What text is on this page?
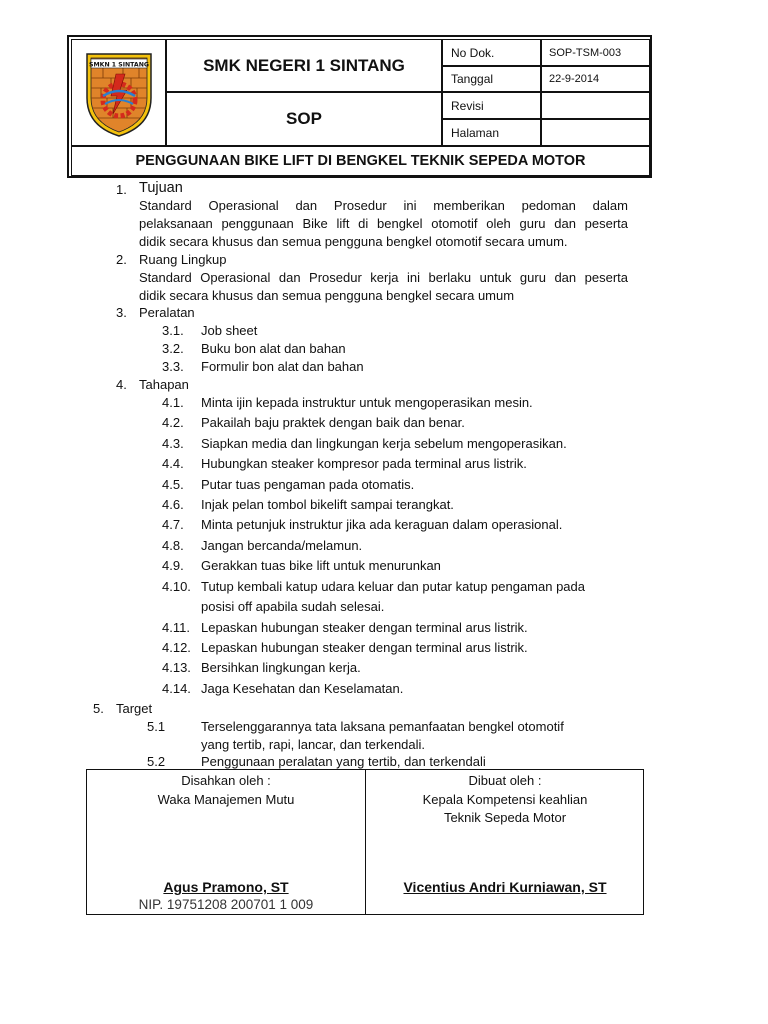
SMKN 1 SINTANG	SMK NEGERI 1 SINTANG
SOP
No Dok.	SOP-TSM-003
Tanggal	22-9-2014
Revisi
Halaman
PENGGUNAAN BIKE LIFT DI BENGKEL TEKNIK SEPEDA MOTOR
1. Tujuan
Standard Operasional dan Prosedur ini memberikan pedoman dalam
pelaksanaan penggunaan Bike lift di bengkel otomotif oleh guru dan peserta
didik secara khusus dan semua pengguna bengkel otomotif secara umum.
2. Ruang Lingkup
Standard Operasional dan Prosedur kerja ini berlaku untuk guru dan peserta
didik secara khusus dan semua pengguna bengkel secara umum
3. Peralatan
3.1. Job sheet
3.2. Buku bon alat dan bahan
3.3. Formulir bon alat dan bahan
4. Tahapan
4.1. Minta ijin kepada instruktur untuk mengoperasikan mesin.
4.2. Pakailah baju praktek dengan baik dan benar.
4.3. Siapkan media dan lingkungan kerja sebelum mengoperasikan.
4.4. Hubungkan steaker kompresor pada terminal arus listrik.
4.5. Putar tuas pengaman pada otomatis.
4.6. Injak pelan tombol bikelift sampai terangkat.
4.7. Minta petunjuk instruktur jika ada keraguan dalam operasional.
4.8. Jangan bercanda/melamun.
4.9. Gerakkan tuas bike lift untuk menurunkan
4.10. Tutup kembali katup udara keluar dan putar katup pengaman pada
posisi off apabila sudah selesai.
4.11. Lepaskan hubungan steaker dengan terminal arus listrik.
4.12. Lepaskan hubungan steaker dengan terminal arus listrik.
4.13. Bersihkan lingkungan kerja.
4.14. Jaga Kesehatan dan Keselamatan.
5. Target
5.1	Terselenggarannya tata laksana pemanfaatan bengkel otomotif
yang tertib, rapi, lancar, dan terkendali.
5.2	Penggunaan peralatan yang tertib, dan terkendali
Disahkan oleh :
Waka Manajemen Mutu
Agus Pramono, ST
NIP. 19751208 200701 1 009
Dibuat oleh :
Kepala Kompetensi keahlian
Teknik Sepeda Motor
Vicentius Andri Kurniawan, ST
